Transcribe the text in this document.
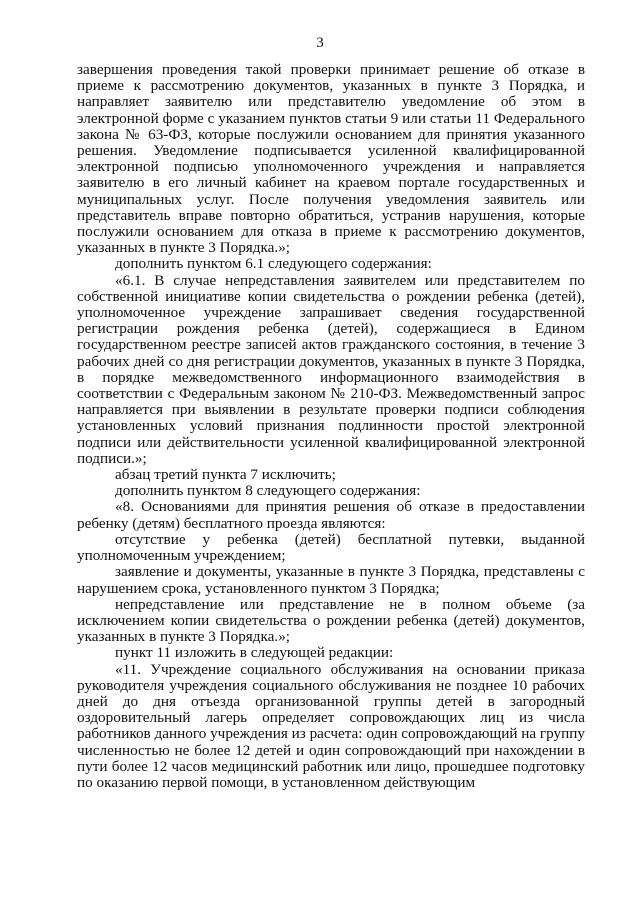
3

завершения проведения такой проверки принимает решение об отказе в приеме к рассмотрению документов, указанных в пункте 3 Порядка, и направляет заявителю или представителю уведомление об этом в электронной форме с указанием пунктов статьи 9 или статьи 11 Федерального закона № 63-ФЗ, которые послужили основанием для принятия указанного решения. Уведомление подписывается усиленной квалифицированной электронной подписью уполномоченного учреждения и направляется заявителю в его личный кабинет на краевом портале государственных и муниципальных услуг. После получения уведомления заявитель или представитель вправе повторно обратиться, устранив нарушения, которые послужили основанием для отказа в приеме к рассмотрению документов, указанных в пункте 3 Порядка.»;

дополнить пунктом 6.1 следующего содержания:

«6.1. В случае непредставления заявителем или представителем по собственной инициативе копии свидетельства о рождении ребенка (детей), уполномоченное учреждение запрашивает сведения государственной регистрации рождения ребенка (детей), содержащиеся в Едином государственном реестре записей актов гражданского состояния, в течение 3 рабочих дней со дня регистрации документов, указанных в пункте 3 Порядка, в порядке межведомственного информационного взаимодействия в соответствии с Федеральным законом № 210-ФЗ. Межведомственный запрос направляется при выявлении в результате проверки подписи соблюдения установленных условий признания подлинности простой электронной подписи или действительности усиленной квалифицированной электронной подписи.»;

абзац третий пункта 7 исключить;

дополнить пунктом 8 следующего содержания:

«8. Основаниями для принятия решения об отказе в предоставлении ребенку (детям) бесплатного проезда являются:

отсутствие у ребенка (детей) бесплатной путевки, выданной уполномоченным учреждением;

заявление и документы, указанные в пункте 3 Порядка, представлены с нарушением срока, установленного пунктом 3 Порядка;

непредставление или представление не в полном объеме (за исключением копии свидетельства о рождении ребенка (детей) документов, указанных в пункте 3 Порядка.»;

пункт 11 изложить в следующей редакции:

«11. Учреждение социального обслуживания на основании приказа руководителя учреждения социального обслуживания не позднее 10 рабочих дней до дня отъезда организованной группы детей в загородный оздоровительный лагерь определяет сопровождающих лиц из числа работников данного учреждения из расчета: один сопровождающий на группу численностью не более 12 детей и один сопровождающий при нахождении в пути более 12 часов медицинский работник или лицо, прошедшее подготовку по оказанию первой помощи, в установленном действующим
